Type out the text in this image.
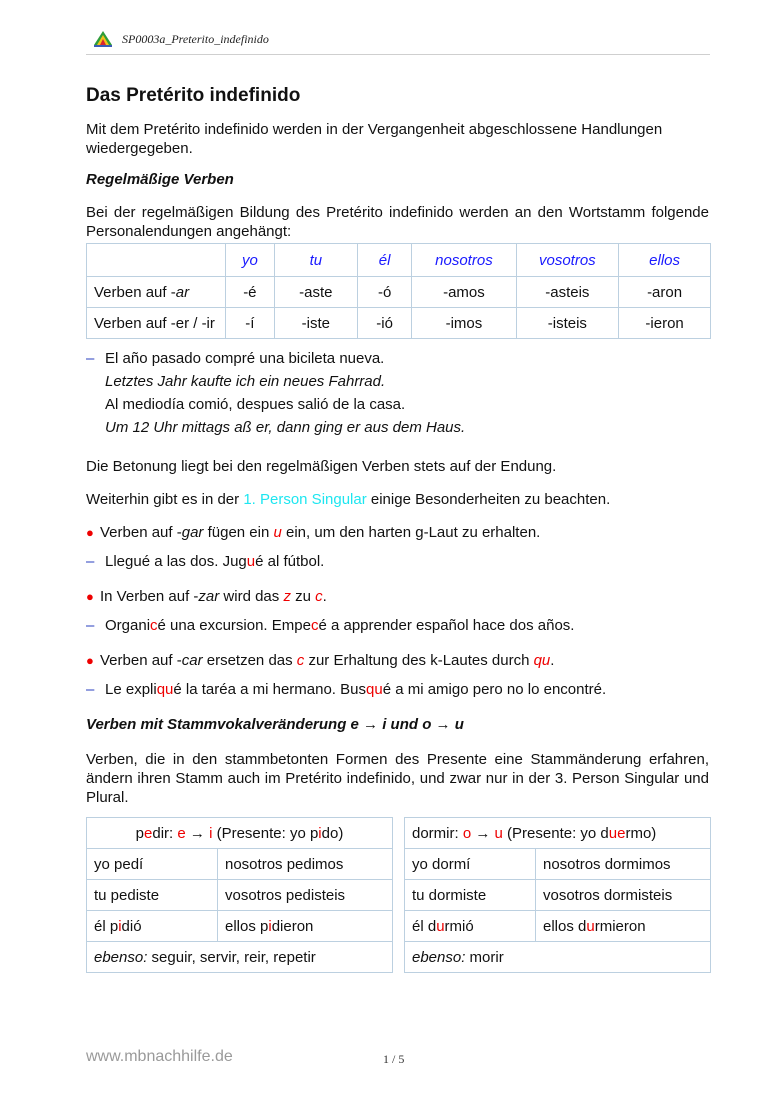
SP0003a_Preterito_indefinido
Das Pretérito indefinido

Mit dem Pretérito indefinido werden in der Vergangenheit abgeschlossene Handlungen wiedergegeben.

Regelmäßige Verben

Bei der regelmäßigen Bildung des Pretérito indefinido werden an den Wortstamm folgende Personalendungen angehängt:

	yo	tu	él	nosotros	vosotros	ellos
Verben auf -ar	-é	-aste	-ó	-amos	-asteis	-aron
Verben auf -er / -ir	-í	-iste	-ió	-imos	-isteis	-ieron
– El año pasado compré una bicileta nueva.
Letztes Jahr kaufte ich ein neues Fahrrad.
Al mediodía comió, despues salió de la casa.
Um 12 Uhr mittags aß er, dann ging er aus dem Haus.

Die Betonung liegt bei den regelmäßigen Verben stets auf der Endung.

Weiterhin gibt es in der 1. Person Singular einige Besonderheiten zu beachten.

● Verben auf -gar fügen ein u ein, um den harten g-Laut zu erhalten.
– Llegué a las dos. Jugué al fútbol.
● In Verben auf -zar wird das z zu c.
– Organicé una excursion. Empecé a apprender español hace dos años.
● Verben auf -car ersetzen das c zur Erhaltung des k-Lautes durch qu.
– Le expliqué la taréa a mi hermano. Busqué a mi amigo pero no lo encontré.
Verben mit Stammvokalveränderung e → i und o → u

Verben, die in den stammbetonten Formen des Presente eine Stammänderung erfahren, ändern ihren Stamm auch im Pretérito indefinido, und zwar nur in der 3. Person Singular und Plural.

pedir: e → i (Presente: yo pido)	
yo pedí	nosotros pedimos
tu pediste	vosotros pedisteis
él pidió	ellos pidieron
ebenso: seguir, servir, reir, repetir	
dormir: o → u (Presente: yo duermo)	
yo dormí	nosotros dormimos
tu dormiste	vosotros dormisteis
él durmió	ellos durmieron
ebenso: morir	
www.mbnachhilfe.de	1 / 5
